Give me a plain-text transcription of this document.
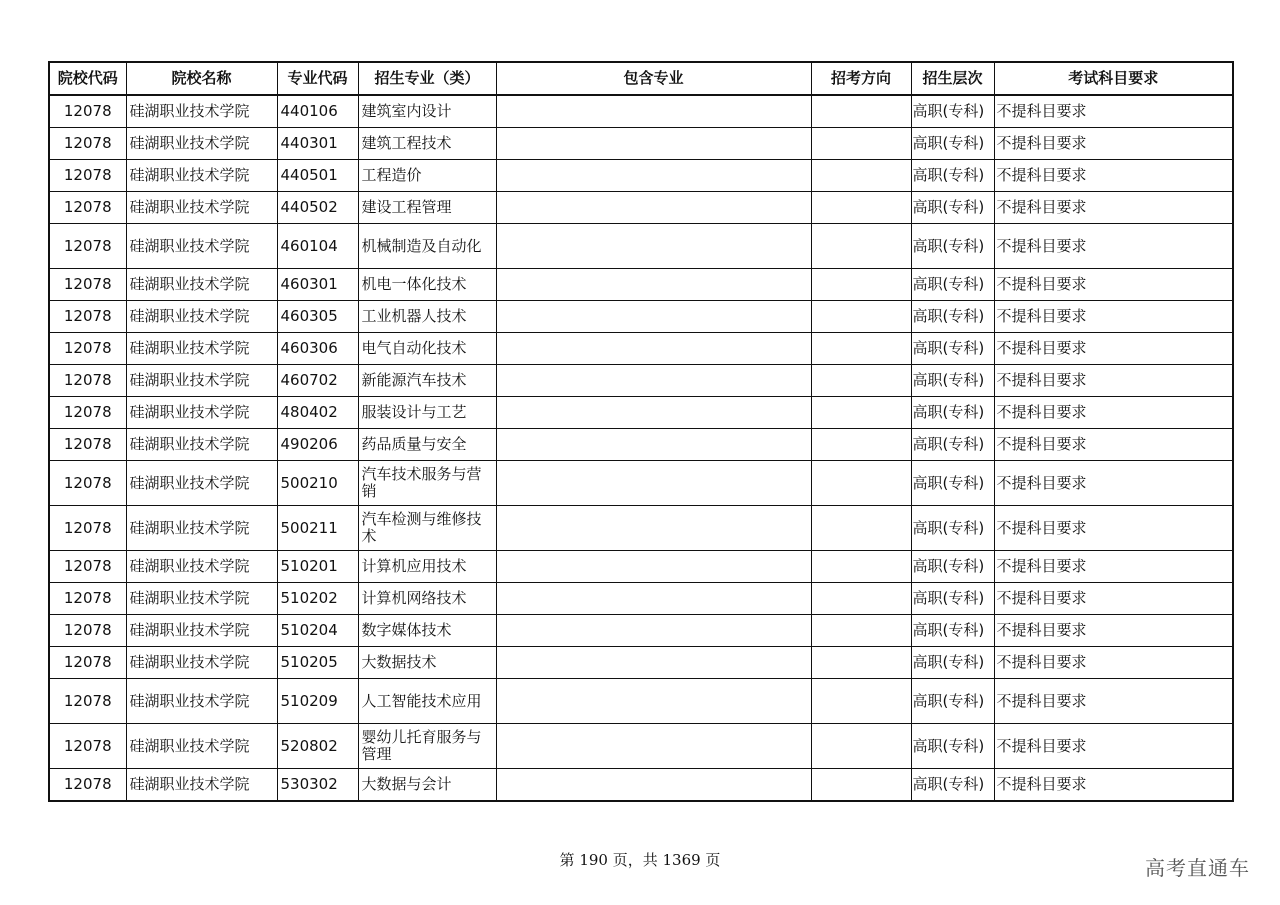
院校代码	院校名称	专业代码	招生专业（类）	包含专业	招考方向	招生层次	考试科目要求
12078	硅湖职业技术学院	440106	建筑室内设计			高职(专科)	不提科目要求
12078	硅湖职业技术学院	440301	建筑工程技术			高职(专科)	不提科目要求
12078	硅湖职业技术学院	440501	工程造价			高职(专科)	不提科目要求
12078	硅湖职业技术学院	440502	建设工程管理			高职(专科)	不提科目要求
12078	硅湖职业技术学院	460104	机械制造及自动化			高职(专科)	不提科目要求
12078	硅湖职业技术学院	460301	机电一体化技术			高职(专科)	不提科目要求
12078	硅湖职业技术学院	460305	工业机器人技术			高职(专科)	不提科目要求
12078	硅湖职业技术学院	460306	电气自动化技术			高职(专科)	不提科目要求
12078	硅湖职业技术学院	460702	新能源汽车技术			高职(专科)	不提科目要求
12078	硅湖职业技术学院	480402	服装设计与工艺			高职(专科)	不提科目要求
12078	硅湖职业技术学院	490206	药品质量与安全			高职(专科)	不提科目要求
12078	硅湖职业技术学院	500210	汽车技术服务与营销			高职(专科)	不提科目要求
12078	硅湖职业技术学院	500211	汽车检测与维修技术			高职(专科)	不提科目要求
12078	硅湖职业技术学院	510201	计算机应用技术			高职(专科)	不提科目要求
12078	硅湖职业技术学院	510202	计算机网络技术			高职(专科)	不提科目要求
12078	硅湖职业技术学院	510204	数字媒体技术			高职(专科)	不提科目要求
12078	硅湖职业技术学院	510205	大数据技术			高职(专科)	不提科目要求
12078	硅湖职业技术学院	510209	人工智能技术应用			高职(专科)	不提科目要求
12078	硅湖职业技术学院	520802	婴幼儿托育服务与管理			高职(专科)	不提科目要求
12078	硅湖职业技术学院	530302	大数据与会计			高职(专科)	不提科目要求
第 190 页，共 1369 页	高考直通车
